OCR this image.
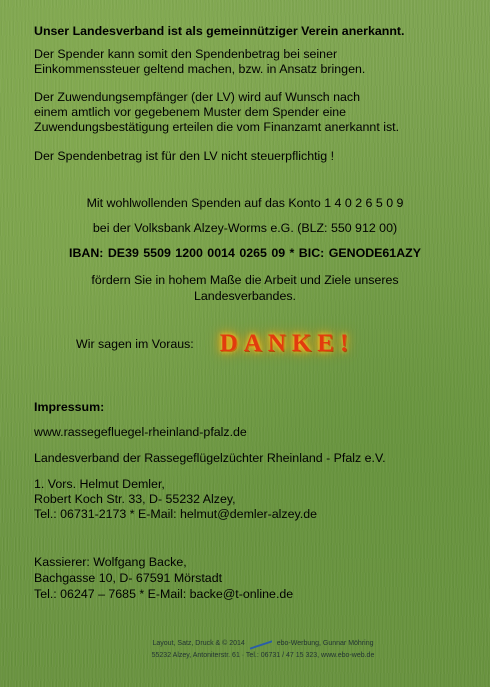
Unser Landesverband ist als gemeinnütziger Verein anerkannt.

Der Spender kann somit den Spendenbetrag bei seiner

Einkommenssteuer geltend machen, bzw. in Ansatz bringen.

Der Zuwendungsempfänger (der LV) wird auf Wunsch nach

einem amtlich vor gegebenem Muster dem Spender eine

Zuwendungsbestätigung erteilen die vom Finanzamt anerkannt ist.

Der Spendenbetrag ist für den LV nicht steuerpflichtig !

Mit wohlwollenden Spenden auf das Konto 1 4 0 2 6 5 0 9

bei der Volksbank Alzey-Worms e.G. (BLZ: 550 912 00)

IBAN: DE39 5509 1200 0014 0265 09 * BIC: GENODE61AZY

fördern Sie in hohem Maße die Arbeit und Ziele unseres

Landesverbandes.

Wir sagen im Voraus:	DANKE!

Impressum:

www.rassegefluegel-rheinland-pfalz.de

Landesverband der Rassegeflügelzüchter Rheinland - Pfalz e.V.

1. Vors. Helmut Demler,

Robert Koch Str. 33, D- 55232 Alzey,

Tel.: 06731-2173 * E-Mail: helmut@demler-alzey.de

Kassierer: Wolfgang Backe,

Bachgasse 10, D- 67591 Mörstadt

Tel.: 06247 – 7685 * E-Mail: backe@t-online.de

Layout, Satz, Druck & © 2014	ebo-Werbung, Gunnar Möhring
55232 Alzey, Antoniterstr. 61 · Tel.: 06731 / 47 15 323, www.ebo-web.de
